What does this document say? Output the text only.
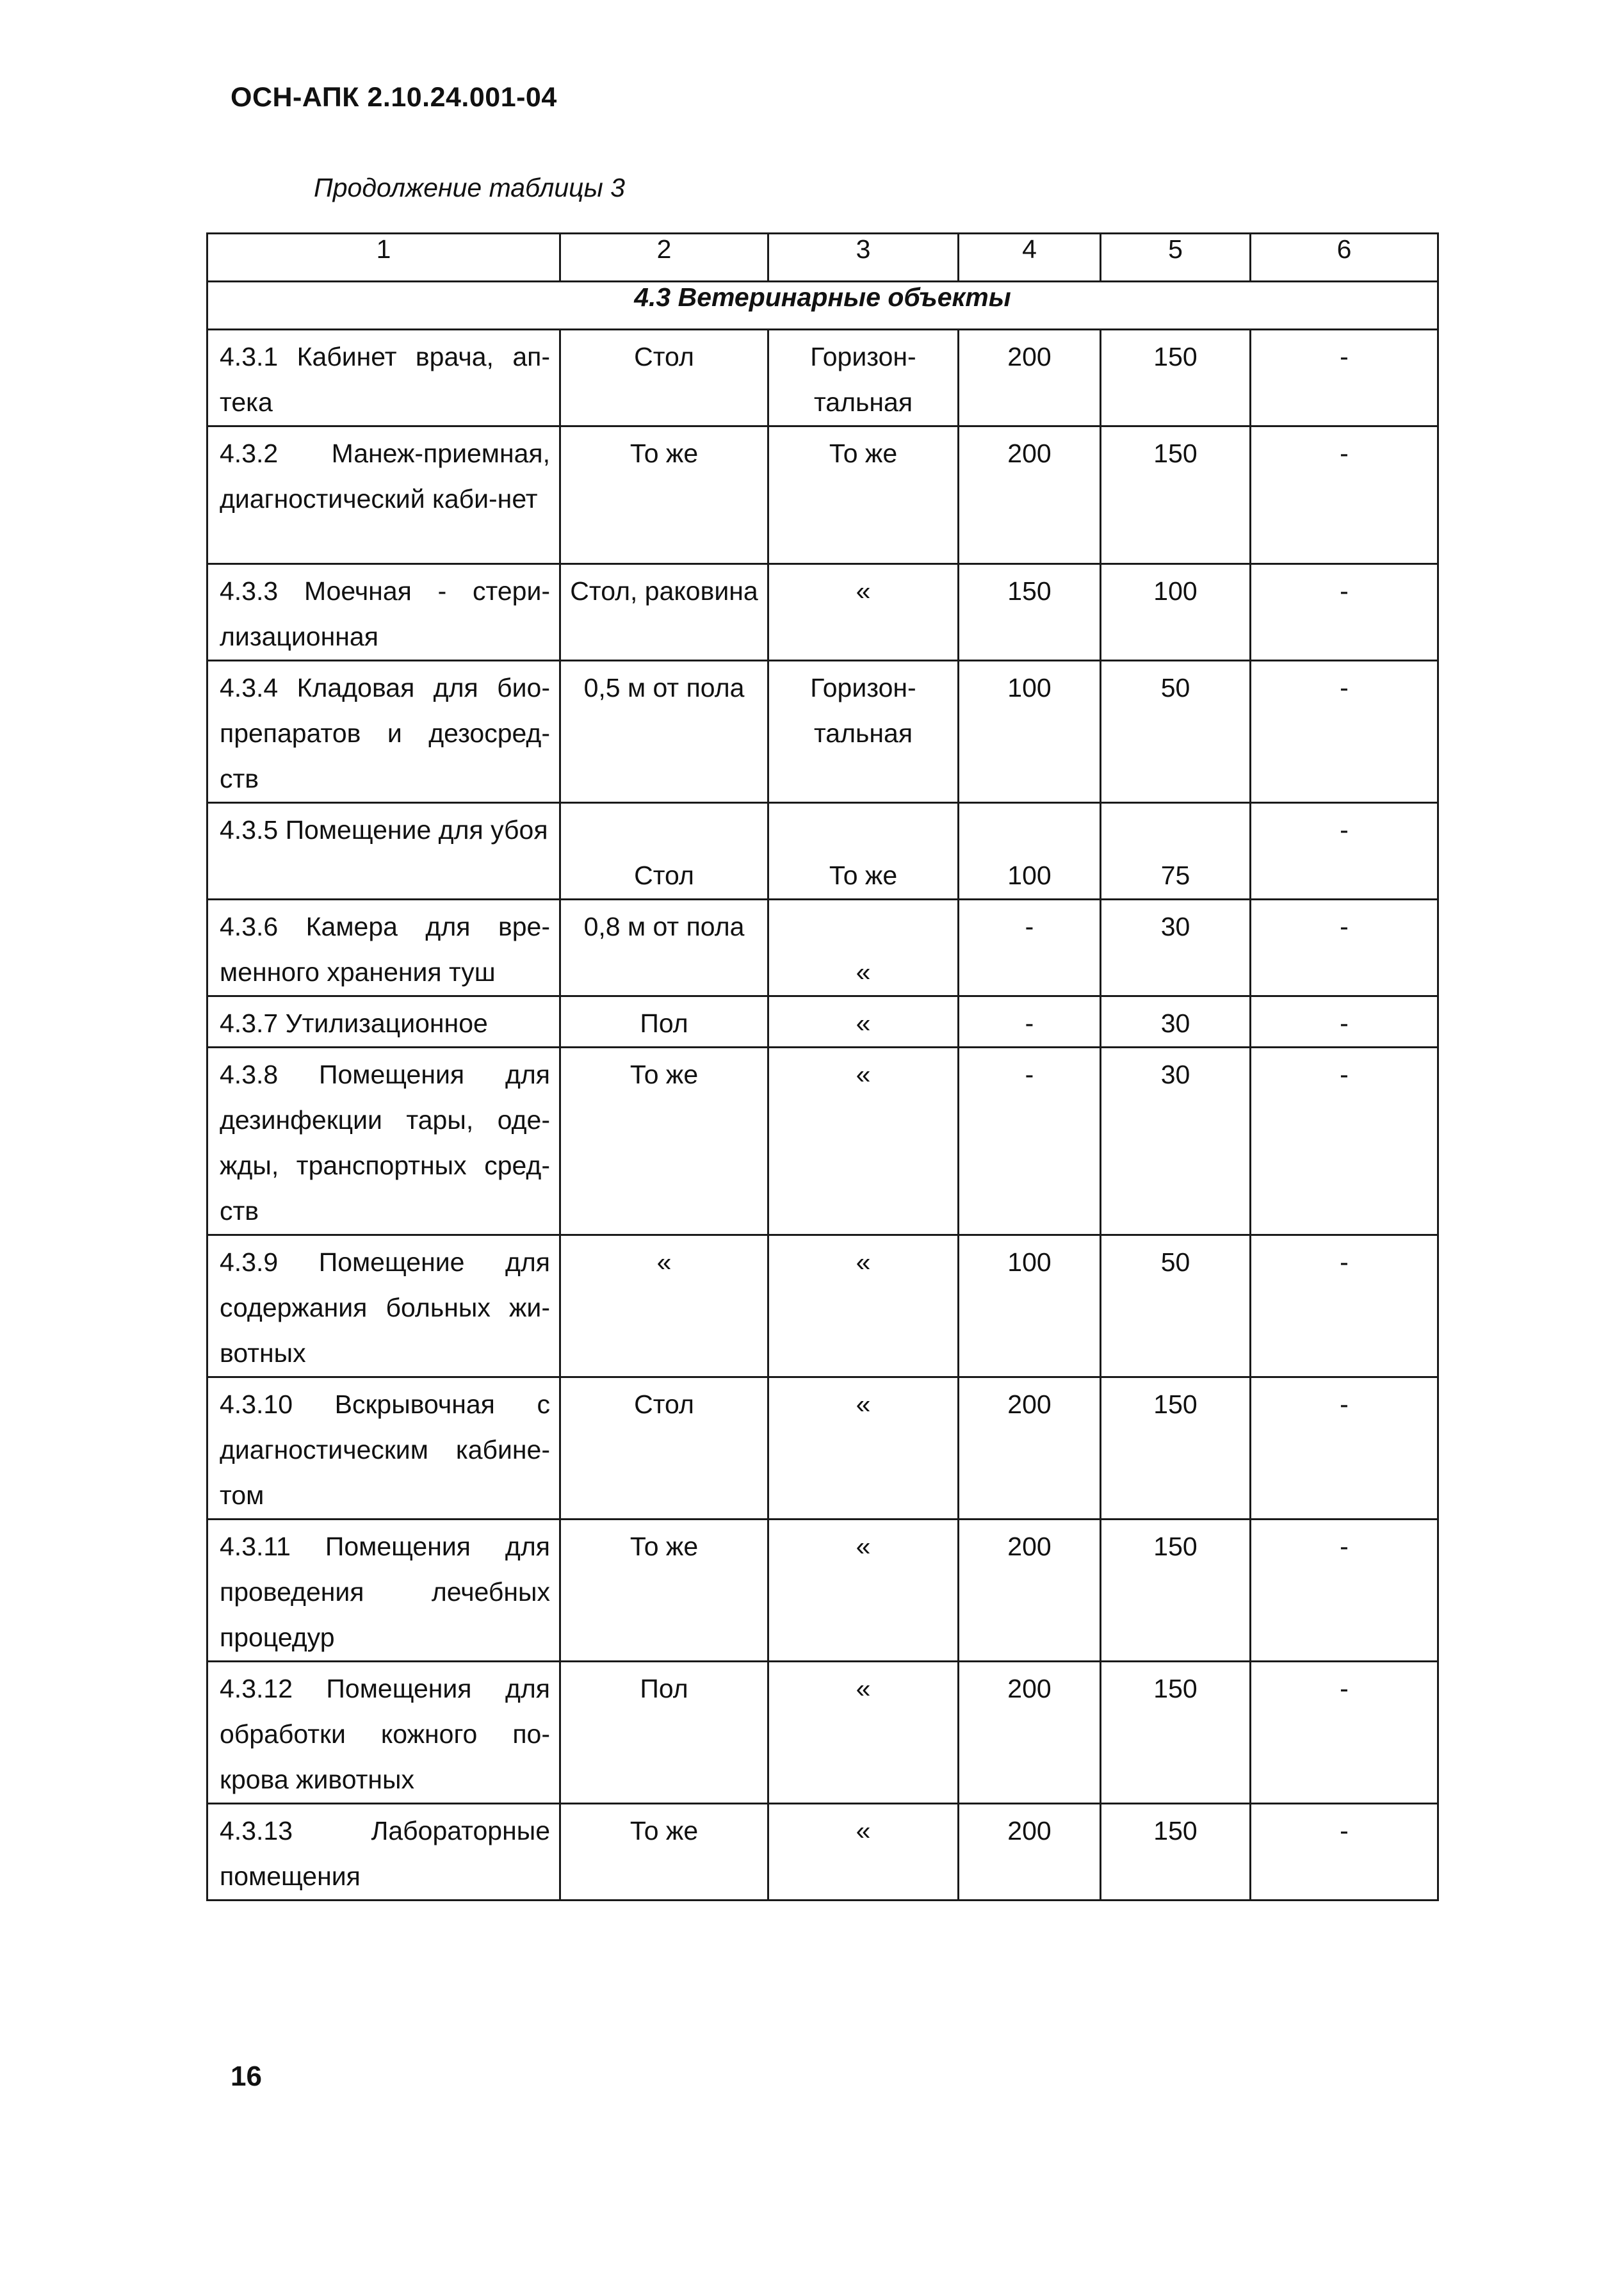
ОСН-АПК 2.10.24.001-04
Продолжение таблицы 3
1	2	3	4	5	6
4.3 Ветеринарные объекты					

4.3.1 Кабинет врача, ап-тека	Стол	Горизон-тальная	200	150	-

4.3.2 Манеж-приемная, диагностический каби-нет	То же	То же	200	150	-

4.3.3 Моечная - стери-лизационная	Стол, раковина	«	150	100	-

4.3.4 Кладовая для био-препаратов и дезосред-ств	0,5 м от пола	Горизон-тальная	100	50	-

4.3.5 Помещение для убоя	Стол	То же	100	75	-

4.3.6 Камера для вре-менного хранения туш	0,8 м от пола	«	-	30	-

4.3.7 Утилизационное	Пол	«	-	30	-

4.3.8 Помещения для дезинфекции тары, оде-жды, транспортных сред-ств	То же	«	-	30	-

4.3.9 Помещение для содержания больных жи-вотных	«	«	100	50	-

4.3.10 Вскрывочная с диагностическим кабине-том	Стол	«	200	150	-

4.3.11 Помещения для проведения лечебных процедур	То же	«	200	150	-

4.3.12 Помещения для обработки кожного по-крова животных	Пол	«	200	150	-

4.3.13 Лабораторные помещения	То же	«	200	150	-
16
